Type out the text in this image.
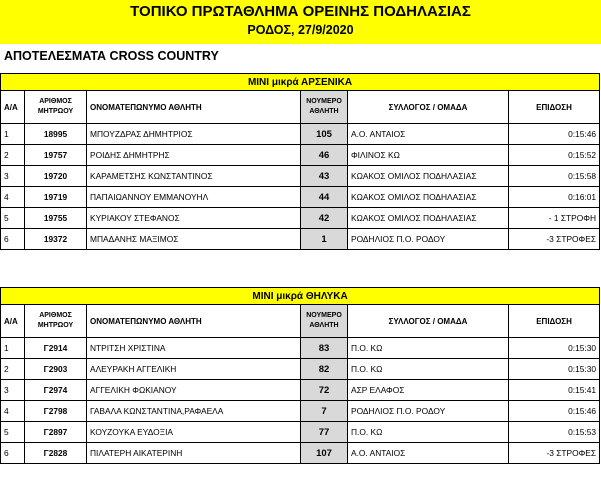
ΤΟΠΙΚΟ ΠΡΩΤΑΘΛΗΜΑ ΟΡΕΙΝΗΣ ΠΟΔΗΛΑΣΙΑΣ
ΡΟΔΟΣ, 27/9/2020
ΑΠΟΤΕΛΕΣΜΑΤΑ CROSS COUNTRY
ΜΙΝΙ μικρά ΑΡΣΕΝΙΚΑ					
Α/Α	ΑΡΙΘΜΟΣ ΜΗΤΡΩΟΥ	ΟΝΟΜΑΤΕΠΩΝΥΜΟ ΑΘΛΗΤΗ	ΝΟΥΜΕΡΟ ΑΘΛΗΤΗ	ΣΥΛΛΟΓΟΣ / ΟΜΑΔΑ	ΕΠΙΔΟΣΗ
1	18995	ΜΠΟΥΖΔΡΑΣ ΔΗΜΗΤΡΙΟΣ	105	Α.Ο. ΑΝΤΑΙΟΣ	0:15:46
2	19757	ΡΟΙΔΗΣ ΔΗΜΗΤΡΗΣ	46	ΦΙΛΙΝΟΣ ΚΩ	0:15:52
3	19720	ΚΑΡΑΜΕΤΣΗΣ ΚΩΝΣΤΑΝΤΙΝΟΣ	43	ΚΩΑΚΟΣ ΟΜΙΛΟΣ ΠΟΔΗΛΑΣΙΑΣ	0:15:58
4	19719	ΠΑΠΑΙΩΑΝΝΟΥ ΕΜΜΑΝΟΥΗΛ	44	ΚΩΑΚΟΣ ΟΜΙΛΟΣ ΠΟΔΗΛΑΣΙΑΣ	0:16:01
5	19755	ΚΥΡΙΑΚΟΥ ΣΤΕΦΑΝΟΣ	42	ΚΩΑΚΟΣ ΟΜΙΛΟΣ ΠΟΔΗΛΑΣΙΑΣ	- 1 ΣΤΡΟΦΗ
6	19372	ΜΠΑΔΑΝΗΣ ΜΑΞΙΜΟΣ	1	ΡΟΔΗΛΙΟΣ Π.Ο. ΡΟΔΟΥ	-3 ΣΤΡΟΦΕΣ
ΜΙΝΙ μικρά ΘΗΛΥΚΑ					
Α/Α	ΑΡΙΘΜΟΣ ΜΗΤΡΩΟΥ	ΟΝΟΜΑΤΕΠΩΝΥΜΟ ΑΘΛΗΤΗ	ΝΟΥΜΕΡΟ ΑΘΛΗΤΗ	ΣΥΛΛΟΓΟΣ / ΟΜΑΔΑ	ΕΠΙΔΟΣΗ
1	Γ2914	ΝΤΡΙΤΣΗ ΧΡΙΣΤΙΝΑ	83	Π.Ο. ΚΩ	0:15:30
2	Γ2903	ΑΛΕΥΡΑΚΗ ΑΓΓΕΛΙΚΗ	82	Π.Ο. ΚΩ	0:15:30
3	Γ2974	ΑΓΓΕΛΙΚΗ ΦΩΚΙΑΝΟΥ	72	ΑΣΡ ΕΛΑΦΟΣ	0:15:41
4	Γ2798	ΓΑΒΑΛΑ ΚΩΝΣΤΑΝΤΙΝΑ,ΡΑΦΑΕΛΑ	7	ΡΟΔΗΛΙΟΣ Π.Ο. ΡΟΔΟΥ	0:15:46
5	Γ2897	ΚΟΥΖΟΥΚΑ ΕΥΔΟΞΙΑ	77	Π.Ο. ΚΩ	0:15:53
6	Γ2828	ΠΙΛΑΤΕΡΗ ΑΙΚΑΤΕΡΙΝΗ	107	Α.Ο. ΑΝΤΑΙΟΣ	-3 ΣΤΡΟΦΕΣ
